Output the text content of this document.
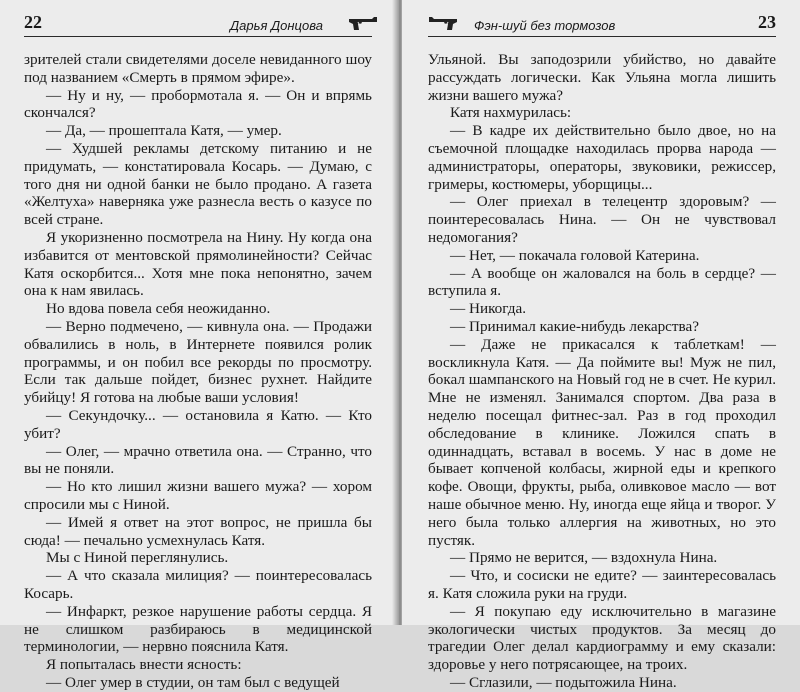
22	Дарья Донцова

зрителей стали свидетелями доселе невиданного шоу под названием «Смерть в прямом эфире».

— Ну и ну, — пробормотала я. — Он и впрямь скончался?

— Да, — прошептала Катя, — умер.

— Худшей рекламы детскому питанию и не придумать, — констатировала Косарь. — Думаю, с того дня ни одной банки не было продано. А газета «Желтуха» наверняка уже разнесла весть о казусе по всей стране.

Я укоризненно посмотрела на Нину. Ну когда она избавится от ментовской прямолинейности? Сейчас Катя оскорбится... Хотя мне пока непонятно, зачем она к нам явилась.

Но вдова повела себя неожиданно.

— Верно подмечено, — кивнула она. — Продажи обвалились в ноль, в Интернете появился ролик программы, и он побил все рекорды по просмотру. Если так дальше пойдет, бизнес рухнет. Найдите убийцу! Я готова на любые ваши условия!

— Секундочку... — остановила я Катю. — Кто убит?

— Олег, — мрачно ответила она. — Странно, что вы не поняли.

— Но кто лишил жизни вашего мужа? — хором спросили мы с Ниной.

— Имей я ответ на этот вопрос, не пришла бы сюда! — печально усмехнулась Катя.

Мы с Ниной переглянулись.

— А что сказала милиция? — поинтересовалась Косарь.

— Инфаркт, резкое нарушение работы сердца. Я не слишком разбираюсь в медицинской терминологии, — нервно пояснила Катя.

Я попыталась внести ясность:

— Олег умер в студии, он там был с ведущей

Фэн-шуй без тормозов	23

Ульяной. Вы заподозрили убийство, но давайте рассуждать логически. Как Ульяна могла лишить жизни вашего мужа?

Катя нахмурилась:

— В кадре их действительно было двое, но на съемочной площадке находилась прорва народа — администраторы, операторы, звуковики, режиссер, гримеры, костюмеры, уборщицы...

— Олег приехал в телецентр здоровым? — поинтересовалась Нина. — Он не чувствовал недомогания?

— Нет, — покачала головой Катерина.

— А вообще он жаловался на боль в сердце? — вступила я.

— Никогда.

— Принимал какие-нибудь лекарства?

— Даже не прикасался к таблеткам! — воскликнула Катя. — Да поймите вы! Муж не пил, бокал шампанского на Новый год не в счет. Не курил. Мне не изменял. Занимался спортом. Два раза в неделю посещал фитнес-зал. Раз в год проходил обследование в клинике. Ложился спать в одиннадцать, вставал в восемь. У нас в доме не бывает копченой колбасы, жирной еды и крепкого кофе. Овощи, фрукты, рыба, оливковое масло — вот наше обычное меню. Ну, иногда еще яйца и творог. У него была только аллергия на животных, но это пустяк.

— Прямо не верится, — вздохнула Нина.

— Что, и сосиски не едите? — заинтересовалась я. Катя сложила руки на груди.

— Я покупаю еду исключительно в магазине экологически чистых продуктов. За месяц до трагедии Олег делал кардиограмму и ему сказали: здоровье у него потрясающее, на троих.

— Сглазили, — подытожила Нина.
